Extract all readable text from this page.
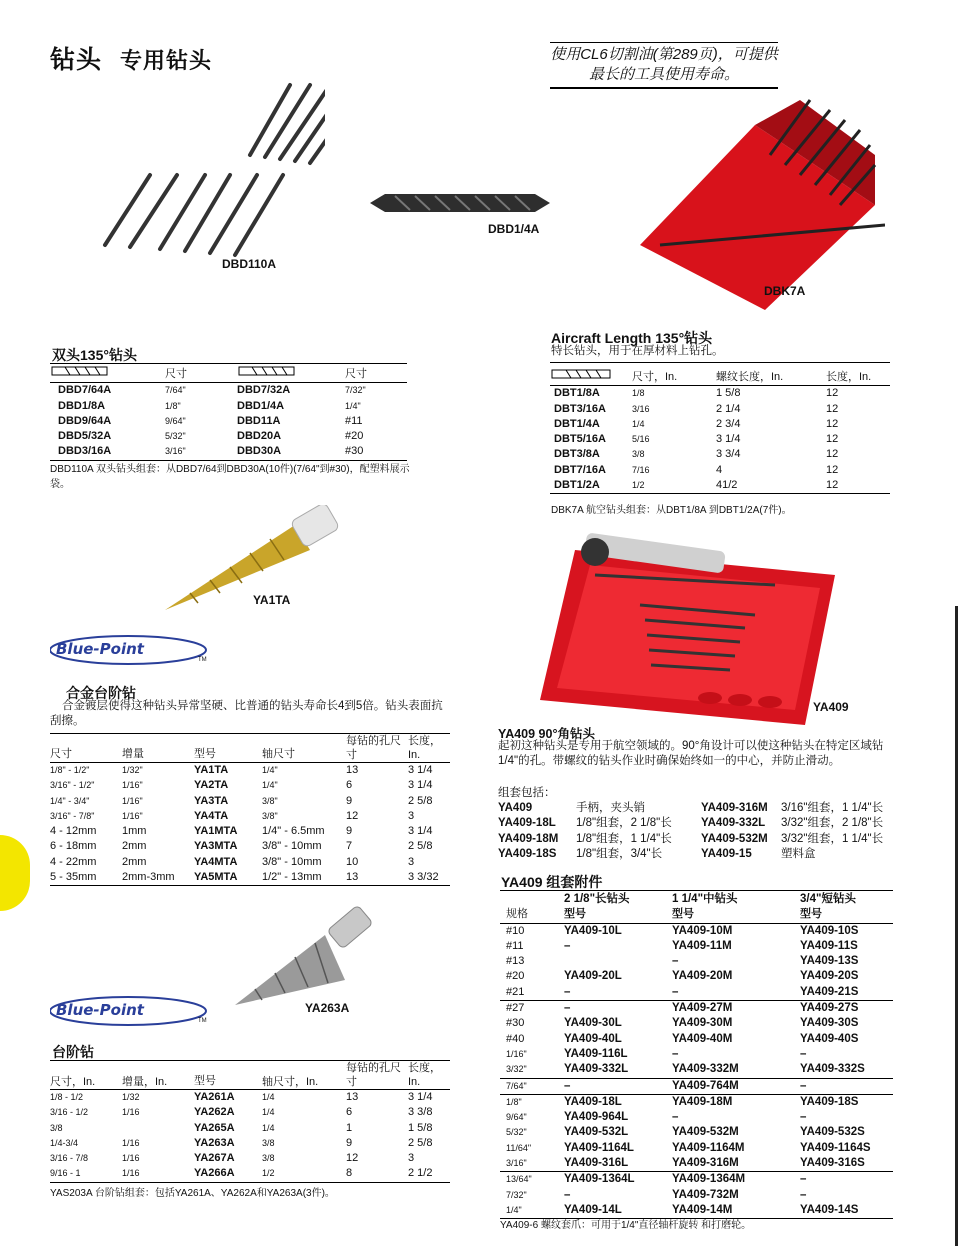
钻头 专用钻头	使用CL6切割油(第289页)，可提供最长的工具使用寿命。
DBD110A
DBD1/4A
DBK7A
双头135°钻头
	尺寸		尺寸
DBD7/64A	7/64"	DBD7/32A	7/32"
DBD1/8A	1/8"	DBD1/4A	1/4"
DBD9/64A	9/64"	DBD11A	#11
DBD5/32A	5/32"	DBD20A	#20
DBD3/16A	3/16"	DBD30A	#30
DBD110A 双头钻头组套：从DBD7/64到DBD30A(10件)(7/64"到#30)，配塑料展示袋。
Aircraft Length 135°钻头
特长钻头，用于在厚材料上钻孔。
	尺寸，In.	螺纹长度，In.	长度，In.
DBT1/8A	1/8	1 5/8	12
DBT3/16A	3/16	2 1/4	12
DBT1/4A	1/4	2 3/4	12
DBT5/16A	5/16	3 1/4	12
DBT3/8A	3/8	3 3/4	12
DBT7/16A	7/16	4	12
DBT1/2A	1/2	41/2	12
DBK7A 航空钻头组套：从DBT1/8A 到DBT1/2A(7件)。
YA1TA
YA409
Blue-Point
TM
合金台阶钻
合金镀层使得这种钻头异常坚硬、比普通的钻头寿命长4到5倍。钻头表面抗刮擦。
尺寸	增量	型号	轴尺寸	每钻的孔尺寸	长度，In.
1/8" - 1/2"	1/32"	YA1TA	1/4"	13	3 1/4
3/16" - 1/2"	1/16"	YA2TA	1/4"	6	3 1/4
1/4" - 3/4"	1/16"	YA3TA	3/8"	9	2 5/8
3/16" - 7/8"	1/16"	YA4TA	3/8"	12	3
4 - 12mm	1mm	YA1MTA	1/4" - 6.5mm	9	3 1/4
6 - 18mm	2mm	YA3MTA	3/8" - 10mm	7	2 5/8
4 - 22mm	2mm	YA4MTA	3/8" - 10mm	10	3
5 - 35mm	2mm-3mm	YA5MTA	1/2" - 13mm	13	3 3/32
YA263A
Blue-Point
TM
台阶钻
尺寸，In.	增量，In.	型号	轴尺寸，In.	每钻的孔尺寸	长度，In.
1/8 - 1/2	1/32	YA261A	1/4	13	3 1/4
3/16 - 1/2	1/16	YA262A	1/4	6	3 3/8
3/8		YA265A	1/4	1	1 5/8
1/4-3/4	1/16	YA263A	3/8	9	2 5/8
3/16 - 7/8	1/16	YA267A	3/8	12	3
9/16 - 1	1/16	YA266A	1/2	8	2 1/2
YAS203A 台阶钻组套：包括YA261A、YA262A和YA263A(3件)。
YA409 90°角钻头
起初这种钻头是专用于航空领域的。90°角设计可以使这种钻头在特定区域钻1/4"的孔。带螺纹的钻头作业时确保始终如一的中心，并防止滑动。
组套包括：
YA409	手柄，夹头销
YA409-18L	1/8"组套，2 1/8"长
YA409-18M	1/8"组套，1 1/4"长
YA409-18S	1/8"组套，3/4"长
YA409-316M	3/16"组套，1 1/4"长
YA409-332L	3/32"组套，2 1/8"长
YA409-532M	3/32"组套，1 1/4"长
YA409-15	塑料盒
YA409 组套附件
	2 1/8"长钻头	1 1/4"中钻头	3/4"短钻头
规格	型号	型号	型号
#10	YA409-10L	YA409-10M	YA409-10S
#11	–	YA409-11M	YA409-11S
#13		–	YA409-13S
#20	YA409-20L	YA409-20M	YA409-20S
#21	–	–	YA409-21S
#27	–	YA409-27M	YA409-27S
#30	YA409-30L	YA409-30M	YA409-30S
#40	YA409-40L	YA409-40M	YA409-40S
1/16"	YA409-116L	–	–
3/32"	YA409-332L	YA409-332M	YA409-332S
7/64"	–	YA409-764M	–
1/8"	YA409-18L	YA409-18M	YA409-18S
9/64"	YA409-964L	–	–
5/32"	YA409-532L	YA409-532M	YA409-532S
11/64"	YA409-1164L	YA409-1164M	YA409-1164S
3/16"	YA409-316L	YA409-316M	YA409-316S
13/64"	YA409-1364L	YA409-1364M	–
7/32"	–	YA409-732M	–
1/4"	YA409-14L	YA409-14M	YA409-14S
YA409-6 螺纹套爪：可用于1/4"直径轴杆旋转 和打磨轮。
